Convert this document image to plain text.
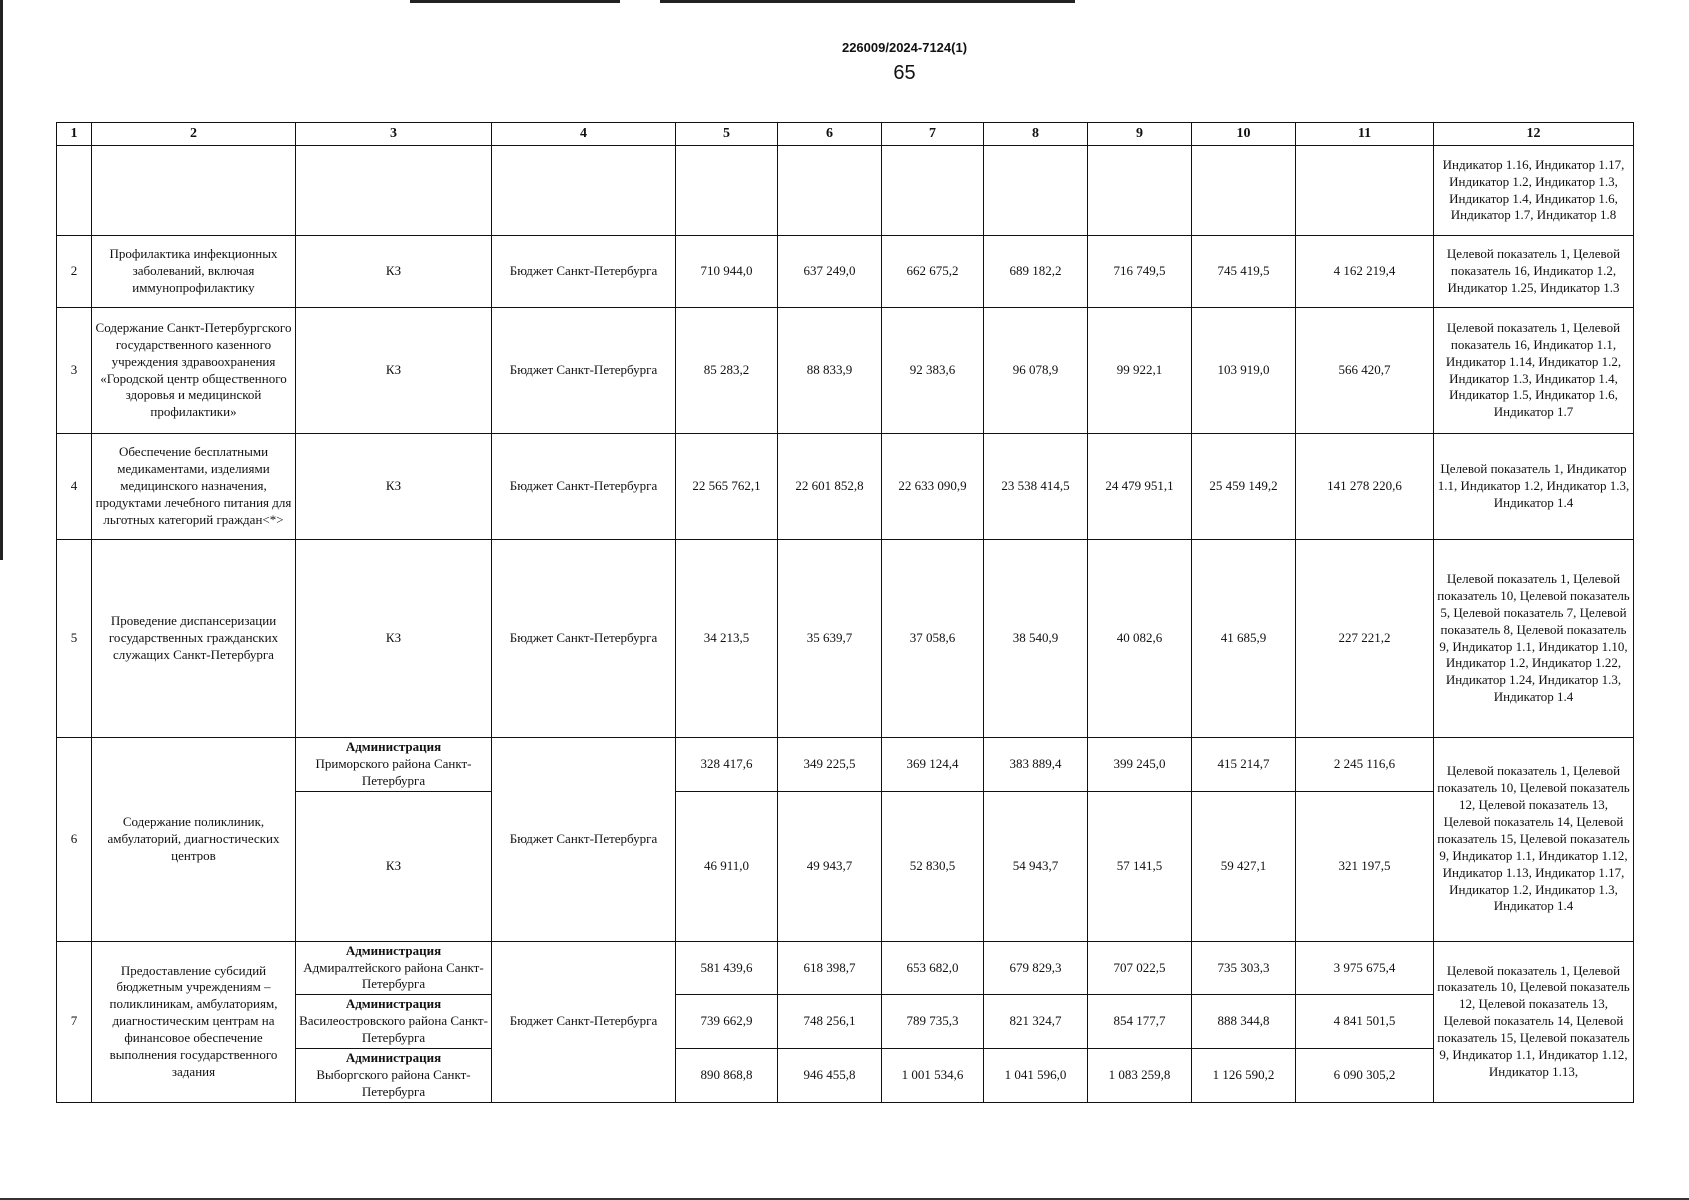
226009/2024-7124(1)
65
1	2	3	4	5	6	7	8	9	10	11	12
											Индикатор 1.16, Индикатор 1.17, Индикатор 1.2, Индикатор 1.3, Индикатор 1.4, Индикатор 1.6, Индикатор 1.7, Индикатор 1.8
2	Профилактика инфекционных заболеваний, включая иммунопрофилактику	КЗ	Бюджет Санкт-Петербурга	710 944,0	637 249,0	662 675,2	689 182,2	716 749,5	745 419,5	4 162 219,4	Целевой показатель 1, Целевой показатель 16, Индикатор 1.2, Индикатор 1.25, Индикатор 1.3
3	Содержание Санкт-Петербургского государственного казенного учреждения здравоохранения «Городской центр общественного здоровья и медицинской профилактики»	КЗ	Бюджет Санкт-Петербурга	85 283,2	88 833,9	92 383,6	96 078,9	99 922,1	103 919,0	566 420,7	Целевой показатель 1, Целевой показатель 16, Индикатор 1.1, Индикатор 1.14, Индикатор 1.2, Индикатор 1.3, Индикатор 1.4, Индикатор 1.5, Индикатор 1.6, Индикатор 1.7
4	Обеспечение бесплатными медикаментами, изделиями медицинского назначения, продуктами лечебного питания для льготных категорий граждан<*>	КЗ	Бюджет Санкт-Петербурга	22 565 762,1	22 601 852,8	22 633 090,9	23 538 414,5	24 479 951,1	25 459 149,2	141 278 220,6	Целевой показатель 1, Индикатор 1.1, Индикатор 1.2, Индикатор 1.3, Индикатор 1.4
5	Проведение диспансеризации государственных гражданских служащих Санкт-Петербурга	КЗ	Бюджет Санкт-Петербурга	34 213,5	35 639,7	37 058,6	38 540,9	40 082,6	41 685,9	227 221,2	Целевой показатель 1, Целевой показатель 10, Целевой показатель 5, Целевой показатель 7, Целевой показатель 8, Целевой показатель 9, Индикатор 1.1, Индикатор 1.10, Индикатор 1.2, Индикатор 1.22, Индикатор 1.24, Индикатор 1.3, Индикатор 1.4
6	Содержание поликлиник, амбулаторий, диагностических центров	Администрация
Приморского района Санкт-Петербурга	Бюджет Санкт-Петербурга	328 417,6	349 225,5	369 124,4	383 889,4	399 245,0	415 214,7	2 245 116,6	Целевой показатель 1, Целевой показатель 10, Целевой показатель 12, Целевой показатель 13, Целевой показатель 14, Целевой показатель 15, Целевой показатель 9, Индикатор 1.1, Индикатор 1.12, Индикатор 1.13, Индикатор 1.17, Индикатор 1.2, Индикатор 1.3, Индикатор 1.4

		КЗ		46 911,0	49 943,7	52 830,5	54 943,7	57 141,5	59 427,1	321 197,5	
7	Предоставление субсидий бюджетным учреждениям – поликлиникам, амбулаториям, диагностическим центрам на финансовое обеспечение выполнения государственного задания	Администрация
Адмиралтейского района Санкт-Петербурга	Бюджет Санкт-Петербурга	581 439,6	618 398,7	653 682,0	679 829,3	707 022,5	735 303,3	3 975 675,4	Целевой показатель 1, Целевой показатель 10, Целевой показатель 12, Целевой показатель 13, Целевой показатель 14, Целевой показатель 15, Целевой показатель 9, Индикатор 1.1, Индикатор 1.12, Индикатор 1.13,

		Администрация
Василеостровского района Санкт-Петербурга		739 662,9	748 256,1	789 735,3	821 324,7	854 177,7	888 344,8	4 841 501,5	

		Администрация
Выборгского района Санкт-Петербурга		890 868,8	946 455,8	1 001 534,6	1 041 596,0	1 083 259,8	1 126 590,2	6 090 305,2	
